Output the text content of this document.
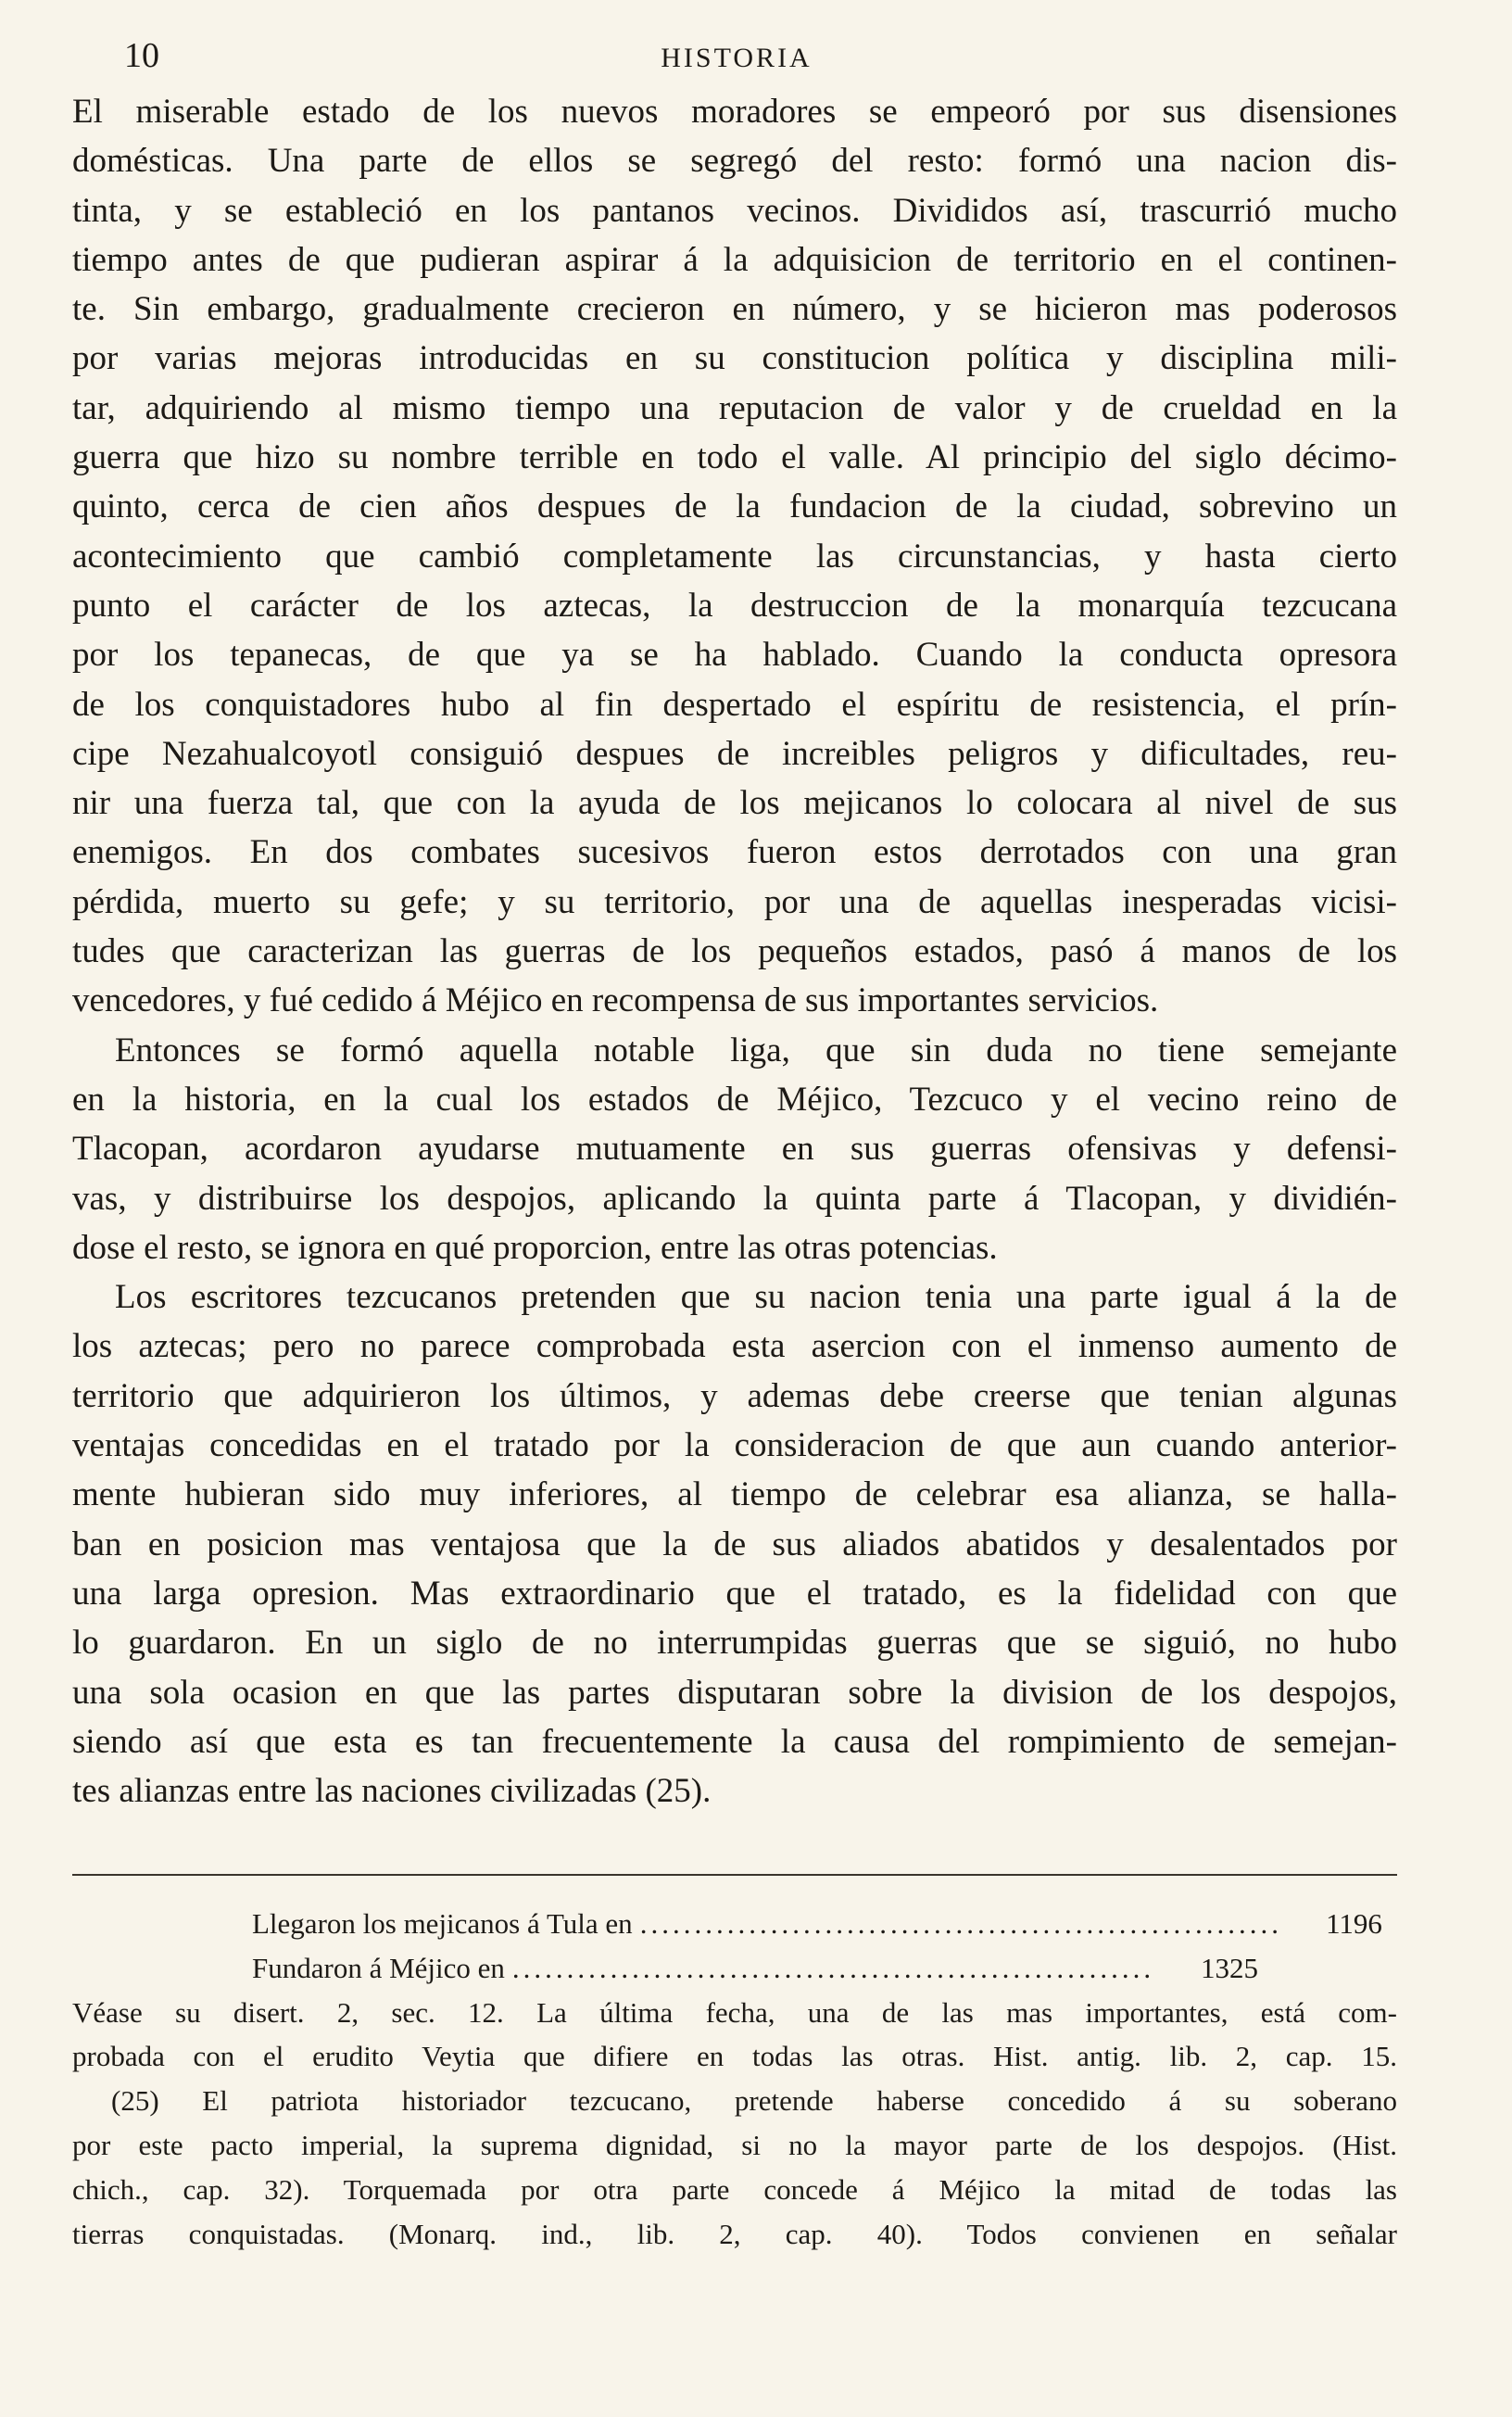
10	HISTORIA

El miserable estado de los nuevos moradores se empeoró por sus disensiones
domésticas. Una parte de ellos se segregó del resto: formó una nacion dis-
tinta, y se estableció en los pantanos vecinos. Divididos así, trascurrió mucho
tiempo antes de que pudieran aspirar á la adquisicion de territorio en el continen-
te. Sin embargo, gradualmente crecieron en número, y se hicieron mas poderosos
por varias mejoras introducidas en su constitucion política y disciplina mili-
tar, adquiriendo al mismo tiempo una reputacion de valor y de crueldad en la
guerra que hizo su nombre terrible en todo el valle. Al principio del siglo décimo-
quinto, cerca de cien años despues de la fundacion de la ciudad, sobrevino un
acontecimiento que cambió completamente las circunstancias, y hasta cierto
punto el carácter de los aztecas, la destruccion de la monarquía tezcucana
por los tepanecas, de que ya se ha hablado. Cuando la conducta opresora
de los conquistadores hubo al fin despertado el espíritu de resistencia, el prín-
cipe Nezahualcoyotl consiguió despues de increibles peligros y dificultades, reu-
nir una fuerza tal, que con la ayuda de los mejicanos lo colocara al nivel de sus
enemigos. En dos combates sucesivos fueron estos derrotados con una gran
pérdida, muerto su gefe; y su territorio, por una de aquellas inesperadas vicisi-
tudes que caracterizan las guerras de los pequeños estados, pasó á manos de los
vencedores, y fué cedido á Méjico en recompensa de sus importantes servicios.

Entonces se formó aquella notable liga, que sin duda no tiene semejante
en la historia, en la cual los estados de Méjico, Tezcuco y el vecino reino de
Tlacopan, acordaron ayudarse mutuamente en sus guerras ofensivas y defensi-
vas, y distribuirse los despojos, aplicando la quinta parte á Tlacopan, y dividién-
dose el resto, se ignora en qué proporcion, entre las otras potencias.

Los escritores tezcucanos pretenden que su nacion tenia una parte igual á la de
los aztecas; pero no parece comprobada esta asercion con el inmenso aumento de
territorio que adquirieron los últimos, y ademas debe creerse que tenian algunas
ventajas concedidas en el tratado por la consideracion de que aun cuando anterior-
mente hubieran sido muy inferiores, al tiempo de celebrar esa alianza, se halla-
ban en posicion mas ventajosa que la de sus aliados abatidos y desalentados por
una larga opresion. Mas extraordinario que el tratado, es la fidelidad con que
lo guardaron. En un siglo de no interrumpidas guerras que se siguió, no hubo
una sola ocasion en que las partes disputaran sobre la division de los despojos,
siendo así que esta es tan frecuentemente la causa del rompimiento de semejan-
tes alianzas entre las naciones civilizadas (25).

Llegaron los mejicanos á Tula en ...........................................................	1196
Fundaron á Méjico en ...........................................................	1325
Véase su disert. 2, sec. 12. La última fecha, una de las mas importantes, está com-
probada con el erudito Veytia que difiere en todas las otras. Hist. antig. lib. 2, cap. 15.
(25) El patriota historiador tezcucano, pretende haberse concedido á su soberano
por este pacto imperial, la suprema dignidad, si no la mayor parte de los despojos. (Hist.
chich., cap. 32). Torquemada por otra parte concede á Méjico la mitad de todas las
tierras conquistadas. (Monarq. ind., lib. 2, cap. 40). Todos convienen en señalar
